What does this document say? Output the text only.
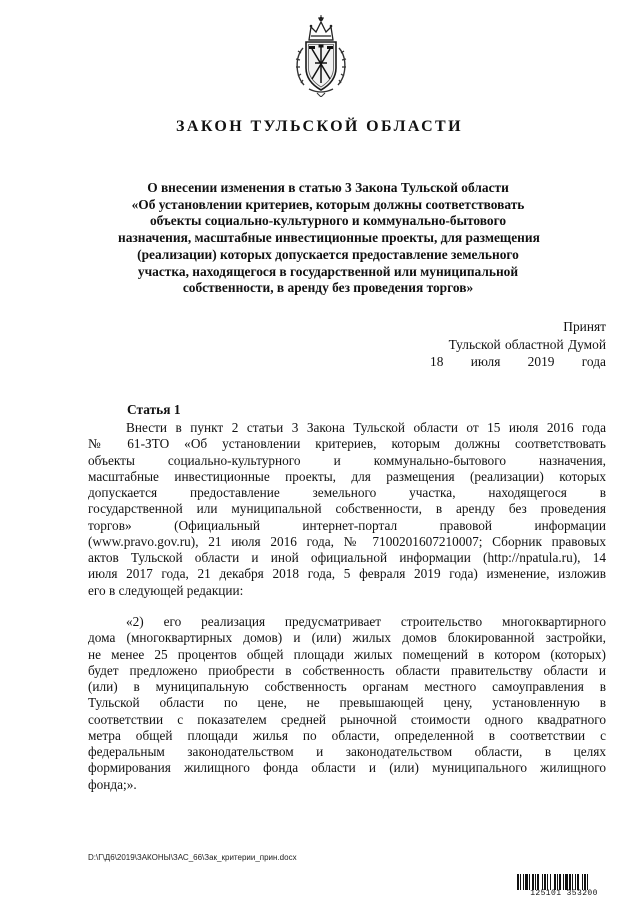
ЗАКОН ТУЛЬСКОЙ ОБЛАСТИ
О внесении изменения в статью 3 Закона Тульской области
«Об установлении критериев, которым должны соответствовать
объекты социально-культурного и коммунально-бытового
назначения, масштабные инвестиционные проекты, для размещения
(реализации) которых допускается предоставление земельного
участка, находящегося в государственной или муниципальной
собственности, в аренду без проведения торгов»
Принят
Тульской областной Думой
18 июля 2019 года
Статья 1
Внести в пункт 2 статьи 3 Закона Тульской области от 15 июля 2016 года
№ 61-ЗТО «Об установлении критериев, которым должны соответствовать
объекты социально-культурного и коммунально-бытового назначения,
масштабные инвестиционные проекты, для размещения (реализации) которых
допускается предоставление земельного участка, находящегося в
государственной или муниципальной собственности, в аренду без проведения
торгов» (Официальный интернет-портал правовой информации
(www.pravo.gov.ru), 21 июля 2016 года, № 7100201607210007; Сборник правовых
актов Тульской области и иной официальной информации (http://npatula.ru), 14
июля 2017 года, 21 декабря 2018 года, 5 февраля 2019 года) изменение, изложив
его в следующей редакции:
«2) его реализация предусматривает строительство многоквартирного
дома (многоквартирных домов) и (или) жилых домов блокированной застройки,
не менее 25 процентов общей площади жилых помещений в котором (которых)
будет предложено приобрести в собственность области правительству области и
(или) в муниципальную собственность органам местного самоуправления в
Тульской области по цене, не превышающей цену, установленную в
соответствии с показателем средней рыночной стоимости одного квадратного
метра общей площади жилья по области, определенной в соответствии с
федеральным законодательством и законодательством области, в целях
формирования жилищного фонда области и (или) муниципального жилищного
фонда;».
D:\Г\Д6\2019\ЗАКОНЫ\ЗАС_66\Зак_критерии_прин.docx
125101 353200
